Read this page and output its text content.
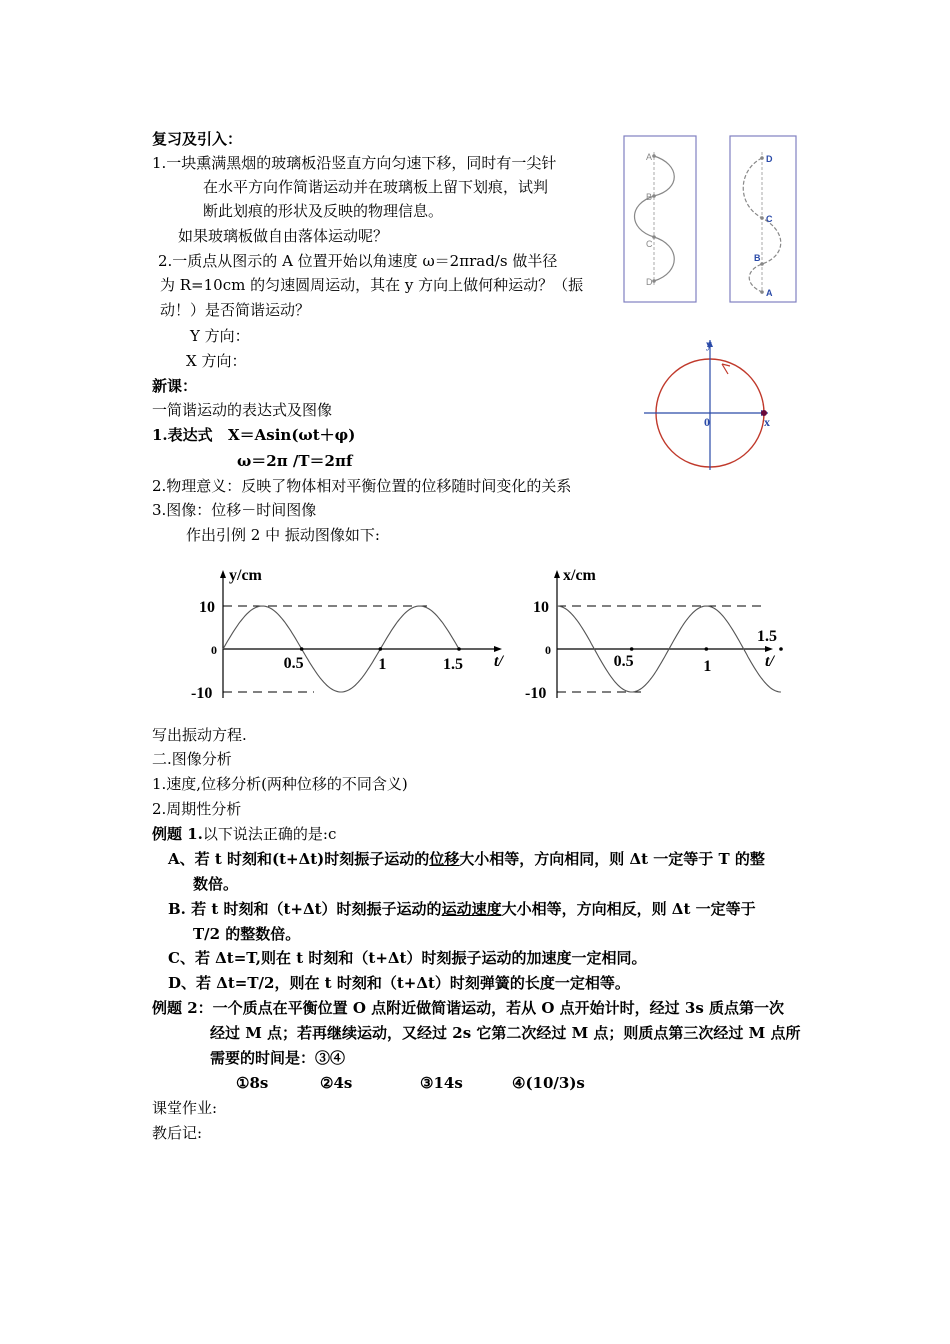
复习及引入：
1.一块熏满黑烟的玻璃板沿竖直方向匀速下移，同时有一尖针
在水平方向作简谐运动并在玻璃板上留下划痕，试判
断此划痕的形状及反映的物理信息。
如果玻璃板做自由落体运动呢？
2.一质点从图示的 A 位置开始以角速度 ω＝2πrad/s 做半径
为 R=10cm 的匀速圆周运动，其在 y 方向上做何种运动？（振
动！）是否简谐运动？
Y 方向：
X 方向：
A
B
C
D
D
C
B
A
y
x
0
新课：
一简谐运动的表达式及图像
1.表达式 X＝Asin(ωt＋φ)
ω＝2π /T＝2πf
2.物理意义：反映了物体相对平衡位置的位移随时间变化的关系
3.图像：位移－时间图像
作出引例 2 中 振动图像如下:
y/cm
10
0
-10
0.5	1	1.5 t/
x/cm
10
0
-10
0.5	1
1.5
t/
写出振动方程.
二.图像分析
1.速度,位移分析(两种位移的不同含义)
2.周期性分析
例题 1.以下说法正确的是:c
A、若 t 时刻和(t+Δt)时刻振子运动的位移大小相等，方向相同，则 Δt 一定等于 T 的整
数倍。
B. 若 t 时刻和（t+Δt）时刻振子运动的运动速度大小相等，方向相反，则 Δt 一定等于
T/2 的整数倍。
C、若 Δt=T,则在 t 时刻和（t+Δt）时刻振子运动的加速度一定相同。
D、若 Δt=T/2，则在 t 时刻和（t+Δt）时刻弹簧的长度一定相等。
例题 2：一个质点在平衡位置 O 点附近做简谐运动，若从 O 点开始计时，经过 3s 质点第一次
经过 M 点；若再继续运动，又经过 2s 它第二次经过 M 点；则质点第三次经过 M 点所
需要的时间是：③④
①8s	②4s	③14s	④(10/3)s
课堂作业:
教后记:
